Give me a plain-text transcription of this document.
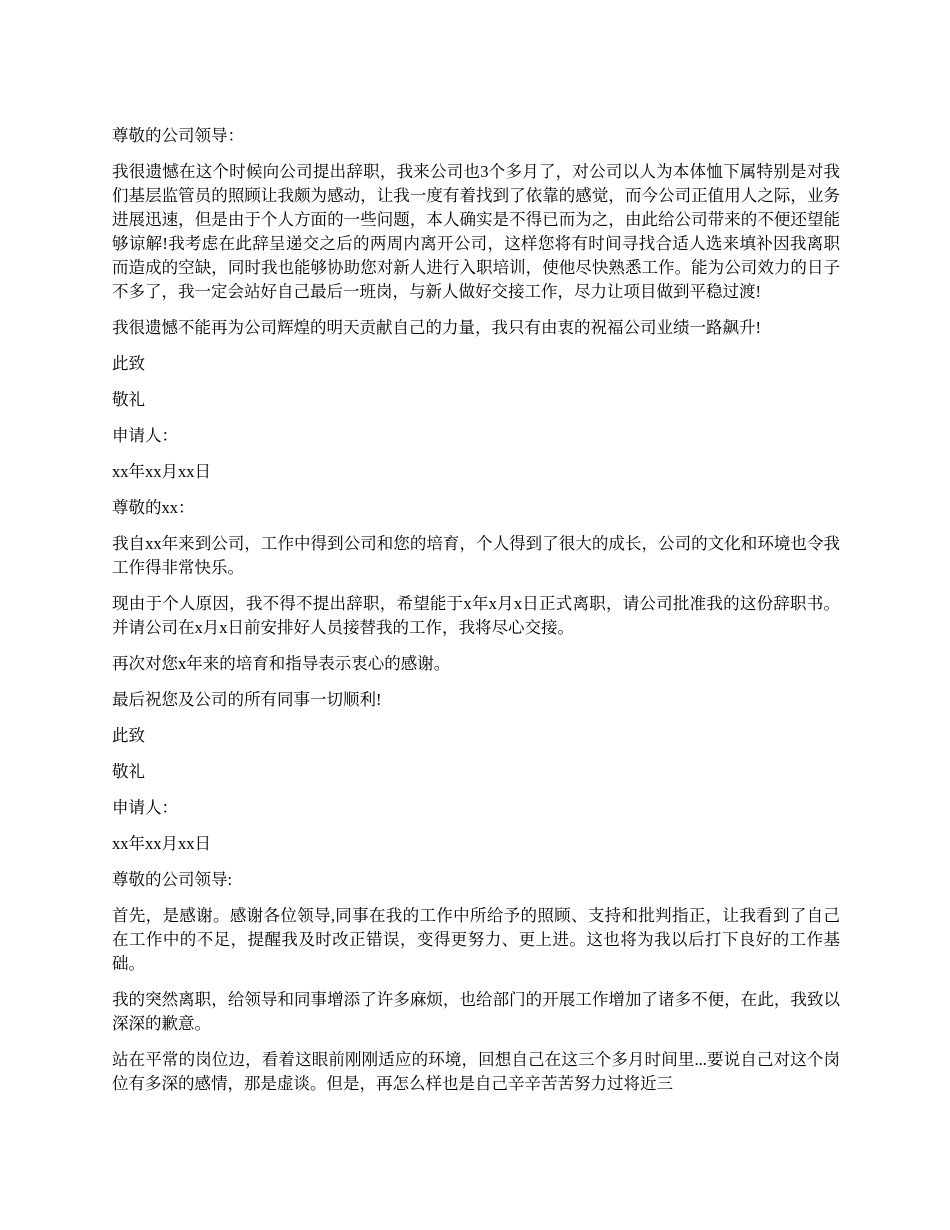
尊敬的公司领导：

我很遗憾在这个时候向公司提出辞职，我来公司也3个多月了，对公司以人为本体恤下属特别是对我们基层监管员的照顾让我颇为感动，让我一度有着找到了依靠的感觉，而今公司正值用人之际，业务进展迅速，但是由于个人方面的一些问题，本人确实是不得已而为之，由此给公司带来的不便还望能够谅解!我考虑在此辞呈递交之后的两周内离开公司，这样您将有时间寻找合适人选来填补因我离职而造成的空缺，同时我也能够协助您对新人进行入职培训，使他尽快熟悉工作。能为公司效力的日子不多了，我一定会站好自己最后一班岗，与新人做好交接工作，尽力让项目做到平稳过渡!

我很遗憾不能再为公司辉煌的明天贡献自己的力量，我只有由衷的祝福公司业绩一路飙升!

此致

敬礼

申请人：

xx年xx月xx日

尊敬的xx：

我自xx年来到公司，工作中得到公司和您的培育，个人得到了很大的成长，公司的文化和环境也令我工作得非常快乐。

现由于个人原因，我不得不提出辞职，希望能于x年x月x日正式离职，请公司批准我的这份辞职书。并请公司在x月x日前安排好人员接替我的工作，我将尽心交接。

再次对您x年来的培育和指导表示衷心的感谢。

最后祝您及公司的所有同事一切顺利!

此致

敬礼

申请人：

xx年xx月xx日

尊敬的公司领导:

首先，是感谢。感谢各位领导,同事在我的工作中所给予的照顾、支持和批判指正，让我看到了自己在工作中的不足，提醒我及时改正错误，变得更努力、更上进。这也将为我以后打下良好的工作基础。

我的突然离职，给领导和同事增添了许多麻烦，也给部门的开展工作增加了诸多不便，在此，我致以深深的歉意。

站在平常的岗位边，看着这眼前刚刚适应的环境，回想自己在这三个多月时间里...要说自己对这个岗位有多深的感情，那是虚谈。但是，再怎么样也是自己辛辛苦苦努力过将近三
